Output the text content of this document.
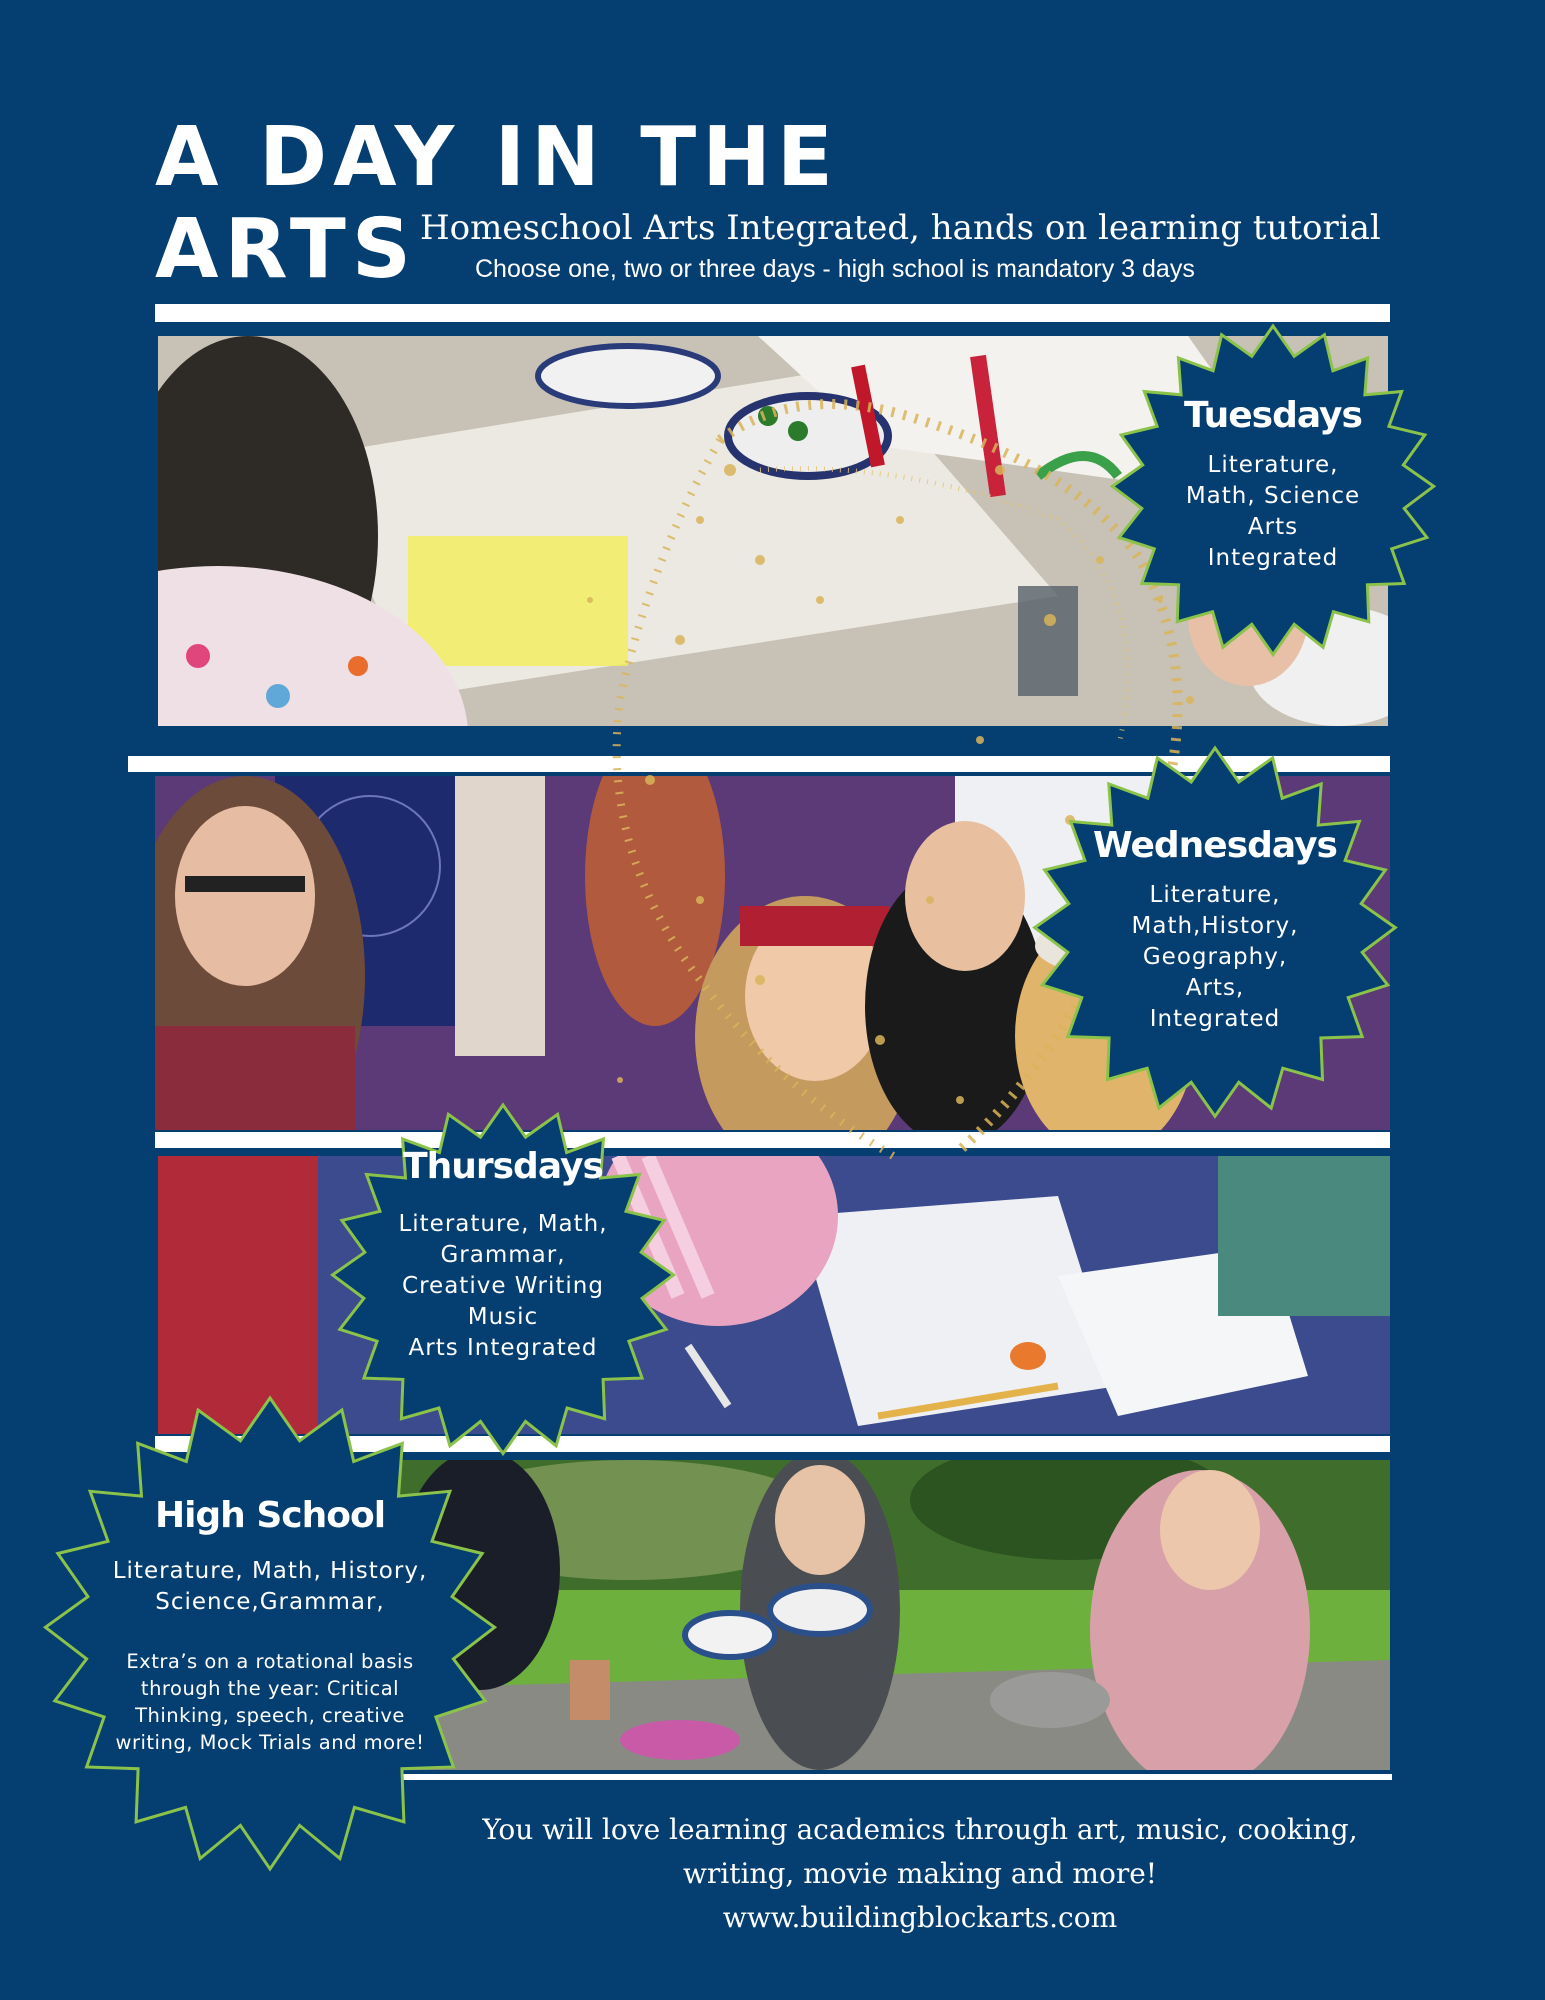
A DAY IN THE
ARTS Homeschool Arts Integrated, hands on learning tutorial
Choose one, two or three days - high school is mandatory 3 days
Tuesdays
Literature,
Math, Science
Arts
Integrated
Wednesdays
Literature,
Math,History,
Geography,
Arts,
Integrated
Thursdays
Literature, Math,
Grammar,
Creative Writing
Music
Arts Integrated
High School
Literature, Math, History,
Science,Grammar,
Extra’s on a rotational basis
through the year: Critical
Thinking, speech, creative
writing, Mock Trials and more!
You will love learning academics through art, music, cooking,
writing, movie making and more!
www.buildingblockarts.com
